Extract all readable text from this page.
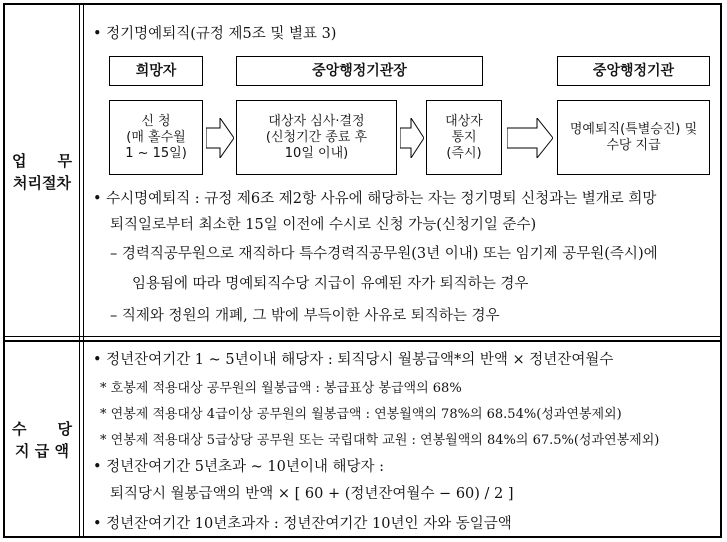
업 무
처리절차
수 당
지 급 액
• 정기명예퇴직(규정 제5조 및 별표 3)
희망자	중앙행정기관장	중앙행정기관
신 청
(매 홀수월
1 ~ 15일)
대상자 심사·결정
(신청기간 종료 후
10일 이내)
대상자
통지
(즉시)
명예퇴직(특별승진) 및
수당 지급
• 수시명예퇴직 : 규정 제6조 제2항 사유에 해당하는 자는 정기명퇴 신청과는 별개로 희망
퇴직일로부터 최소한 15일 이전에 수시로 신청 가능(신청기일 준수)
– 경력직공무원으로 재직하다 특수경력직공무원(3년 이내) 또는 임기제 공무원(즉시)에
임용됨에 따라 명예퇴직수당 지급이 유예된 자가 퇴직하는 경우
– 직제와 정원의 개폐, 그 밖에 부득이한 사유로 퇴직하는 경우
• 정년잔여기간 1 ~ 5년이내 해당자 : 퇴직당시 월봉급액*의 반액 × 정년잔여월수
* 호봉제 적용대상 공무원의 월봉급액 : 봉급표상 봉급액의 68%
* 연봉제 적용대상 4급이상 공무원의 월봉급액 : 연봉월액의 78%의 68.54%(성과연봉제외)
* 연봉제 적용대상 5급상당 공무원 또는 국립대학 교원 : 연봉월액의 84%의 67.5%(성과연봉제외)
• 정년잔여기간 5년초과 ~ 10년이내 해당자 :
퇴직당시 월봉급액의 반액 × [ 60 + (정년잔여월수 − 60) / 2 ]
• 정년잔여기간 10년초과자 : 정년잔여기간 10년인 자와 동일금액
